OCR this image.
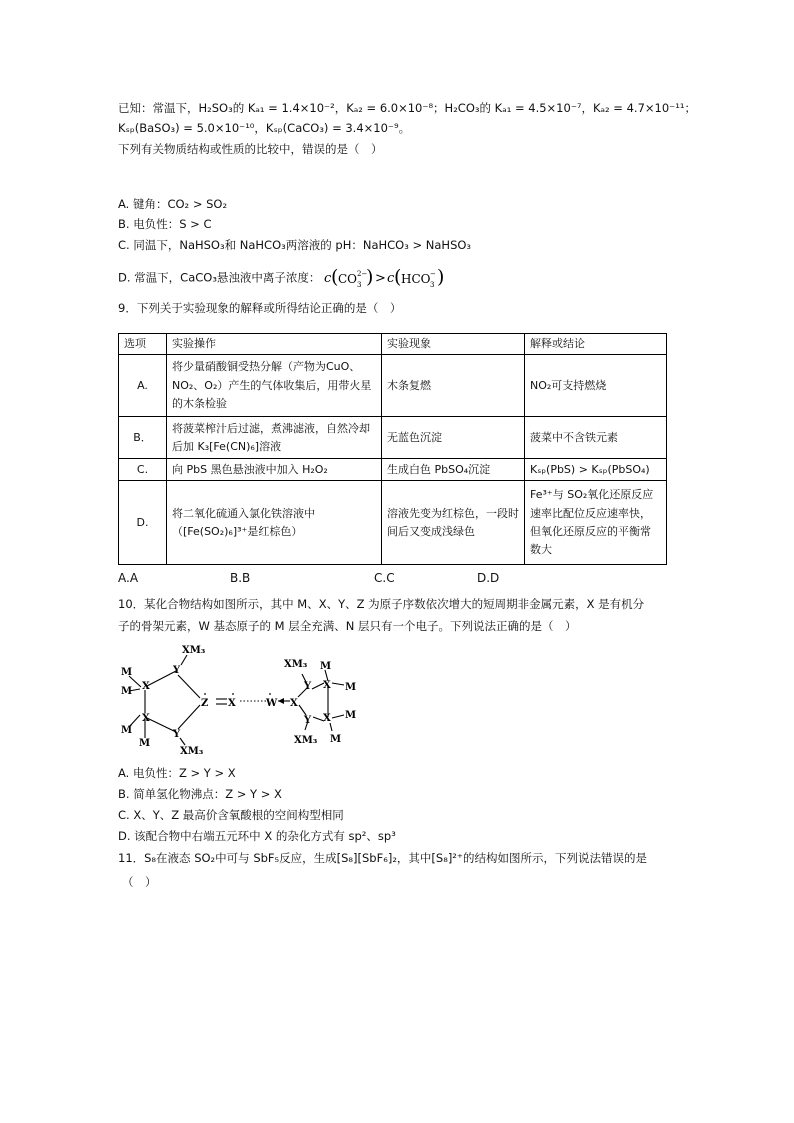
已知：常温下，H₂SO₃的 Kₐ₁ = 1.4×10⁻²，Kₐ₂ = 6.0×10⁻⁸；H₂CO₃的 Kₐ₁ = 4.5×10⁻⁷，Kₐ₂ = 4.7×10⁻¹¹；
Kₛₚ(BaSO₃) = 5.0×10⁻¹⁰，Kₛₚ(CaCO₃) = 3.4×10⁻⁹。
下列有关物质结构或性质的比较中，错误的是（　）
A. 键角：CO₂ > SO₂
B. 电负性：S > C
C. 同温下，NaHSO₃和 NaHCO₃两溶液的 pH：NaHCO₃ > NaHSO₃
D. 常温下，CaCO₃悬浊液中离子浓度： c ( CO 2−
3 ) > c ( HCO −
3 )
9．下列关于实验现象的解释或所得结论正确的是（　）
选项	实验操作	实验现象	解释或结论
A.	将少量硝酸铜受热分解（产物为CuO、NO₂、O₂）产生的气体收集后，用带火星的木条检验	木条复燃	NO₂可支持燃烧
B．	将菠菜榨汁后过滤，煮沸滤液，自然冷却后加 K₃[Fe(CN)₆]溶液	无蓝色沉淀	菠菜中不含铁元素
C.	向 PbS 黑色悬浊液中加入 H₂O₂	生成白色 PbSO₄沉淀	Kₛₚ(PbS) > Kₛₚ(PbSO₄)
D.	将二氧化硫通入氯化铁溶液中（[Fe(SO₂)₆]³⁺是红棕色）	溶液先变为红棕色，一段时间后又变成浅绿色	Fe³⁺与 SO₂氧化还原反应速率比配位反应速率快，但氧化还原反应的平衡常数大
A.A	B.B	C.C	D.D
10．某化合物结构如图所示，其中 M、X、Y、Z 为原子序数依次增大的短周期非金属元素，X 是有机分
子的骨架元素，W 基态原子的 M 层全充满、N 层只有一个电子。下列说法正确的是（　）
XM₃
Y
M
M X
X
M
M
Y
XM₃
Z X	W X
XM₃
Y
M
X M
Y X M
M
XM₃
A. 电负性：Z > Y > X
B. 简单氢化物沸点：Z > Y > X
C. X、Y、Z 最高价含氧酸根的空间构型相同
D. 该配合物中右端五元环中 X 的杂化方式有 sp²、sp³
11．S₈在液态 SO₂中可与 SbF₅反应，生成[S₈][SbF₆]₂，其中[S₈]²⁺的结构如图所示，下列说法错误的是
（　）
